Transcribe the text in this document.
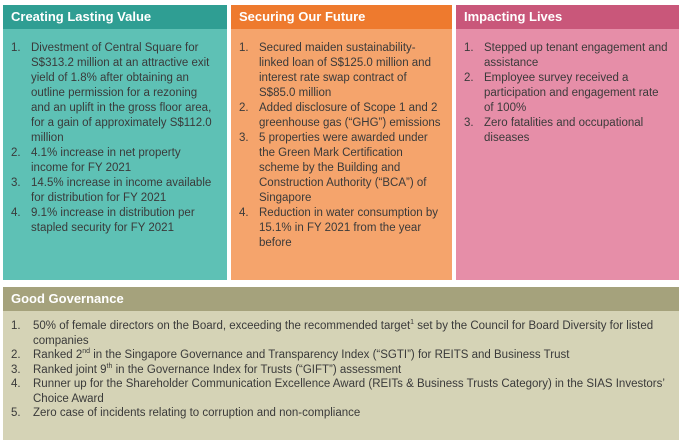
Creating Lasting Value
Divestment of Central Square for S$313.2 million at an attractive exit yield of 1.8% after obtaining an outline permission for a rezoning and an uplift in the gross floor area, for a gain of approximately S$112.0 million
4.1% increase in net property income for FY 2021
14.5% increase in income available for distribution for FY 2021
9.1% increase in distribution per stapled security for FY 2021
Securing Our Future
Secured maiden sustainability-linked loan of S$125.0 million and interest rate swap contract of S$85.0 million
Added disclosure of Scope 1 and 2 greenhouse gas (“GHG”) emissions
5 properties were awarded under the Green Mark Certification scheme by the Building and Construction Authority (“BCA”) of Singapore
Reduction in water consumption by 15.1% in FY 2021 from the year before
Impacting Lives
Stepped up tenant engagement and assistance
Employee survey received a participation and engagement rate of 100%
Zero fatalities and occupational diseases
Good Governance
50% of female directors on the Board, exceeding the recommended target$^1$ set by the Council for Board Diversity for listed companies
Ranked 2nd in the Singapore Governance and Transparency Index (“SGTI”) for REITS and Business Trust
Ranked joint 9th in the Governance Index for Trusts (“GIFT”) assessment
Runner up for the Shareholder Communication Excellence Award (REITs & Business Trusts Category) in the SIAS Investors’ Choice Award
Zero case of incidents relating to corruption and non-compliance
